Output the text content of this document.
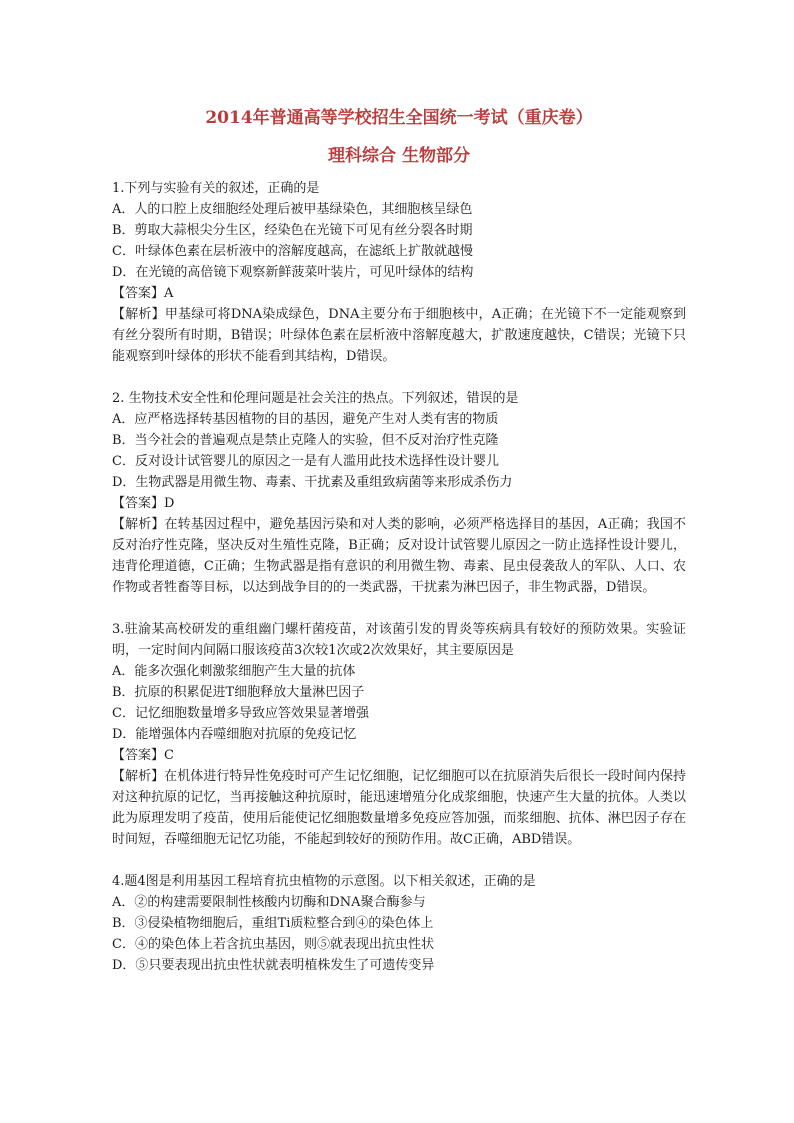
2014年普通高等学校招生全国统一考试（重庆卷）
理科综合 生物部分

1.下列与实验有关的叙述，正确的是

A．人的口腔上皮细胞经处理后被甲基绿染色，其细胞核呈绿色

B．剪取大蒜根尖分生区，经染色在光镜下可见有丝分裂各时期

C．叶绿体色素在层析液中的溶解度越高，在滤纸上扩散就越慢

D．在光镜的高倍镜下观察新鲜菠菜叶装片，可见叶绿体的结构

【答案】A

【解析】甲基绿可将DNA染成绿色，DNA主要分布于细胞核中，A正确；在光镜下不一定能观察到有丝分裂所有时期，B错误；叶绿体色素在层析液中溶解度越大，扩散速度越快，C错误；光镜下只能观察到叶绿体的形状不能看到其结构，D错误。

2. 生物技术安全性和伦理问题是社会关注的热点。下列叙述，错误的是

A．应严格选择转基因植物的目的基因，避免产生对人类有害的物质

B．当今社会的普遍观点是禁止克隆人的实验，但不反对治疗性克隆

C．反对设计试管婴儿的原因之一是有人滥用此技术选择性设计婴儿

D．生物武器是用微生物、毒素、干扰素及重组致病菌等来形成杀伤力

【答案】D

【解析】在转基因过程中，避免基因污染和对人类的影响，必须严格选择目的基因，A正确；我国不反对治疗性克隆，坚决反对生殖性克隆，B正确；反对设计试管婴儿原因之一防止选择性设计婴儿，违背伦理道德，C正确；生物武器是指有意识的利用微生物、毒素、昆虫侵袭敌人的军队、人口、农作物或者牲畜等目标，以达到战争目的的一类武器，干扰素为淋巴因子，非生物武器，D错误。

3.驻渝某高校研发的重组幽门螺杆菌疫苗，对该菌引发的胃炎等疾病具有较好的预防效果。实验证明，一定时间内间隔口服该疫苗3次较1次或2次效果好，其主要原因是

A．能多次强化刺激浆细胞产生大量的抗体

B．抗原的积累促进T细胞释放大量淋巴因子

C．记忆细胞数量增多导致应答效果显著增强

D．能增强体内吞噬细胞对抗原的免疫记忆

【答案】C

【解析】在机体进行特异性免疫时可产生记忆细胞，记忆细胞可以在抗原消失后很长一段时间内保持对这种抗原的记忆，当再接触这种抗原时，能迅速增殖分化成浆细胞，快速产生大量的抗体。人类以此为原理发明了疫苗，使用后能使记忆细胞数量增多免疫应答加强，而浆细胞、抗体、淋巴因子存在时间短，吞噬细胞无记忆功能，不能起到较好的预防作用。故C正确，ABD错误。

4.题4图是利用基因工程培育抗虫植物的示意图。以下相关叙述，正确的是

A．②的构建需要限制性核酸内切酶和DNA聚合酶参与

B．③侵染植物细胞后，重组Ti质粒整合到④的染色体上

C．④的染色体上若含抗虫基因，则⑤就表现出抗虫性状

D．⑤只要表现出抗虫性状就表明植株发生了可遗传变异
